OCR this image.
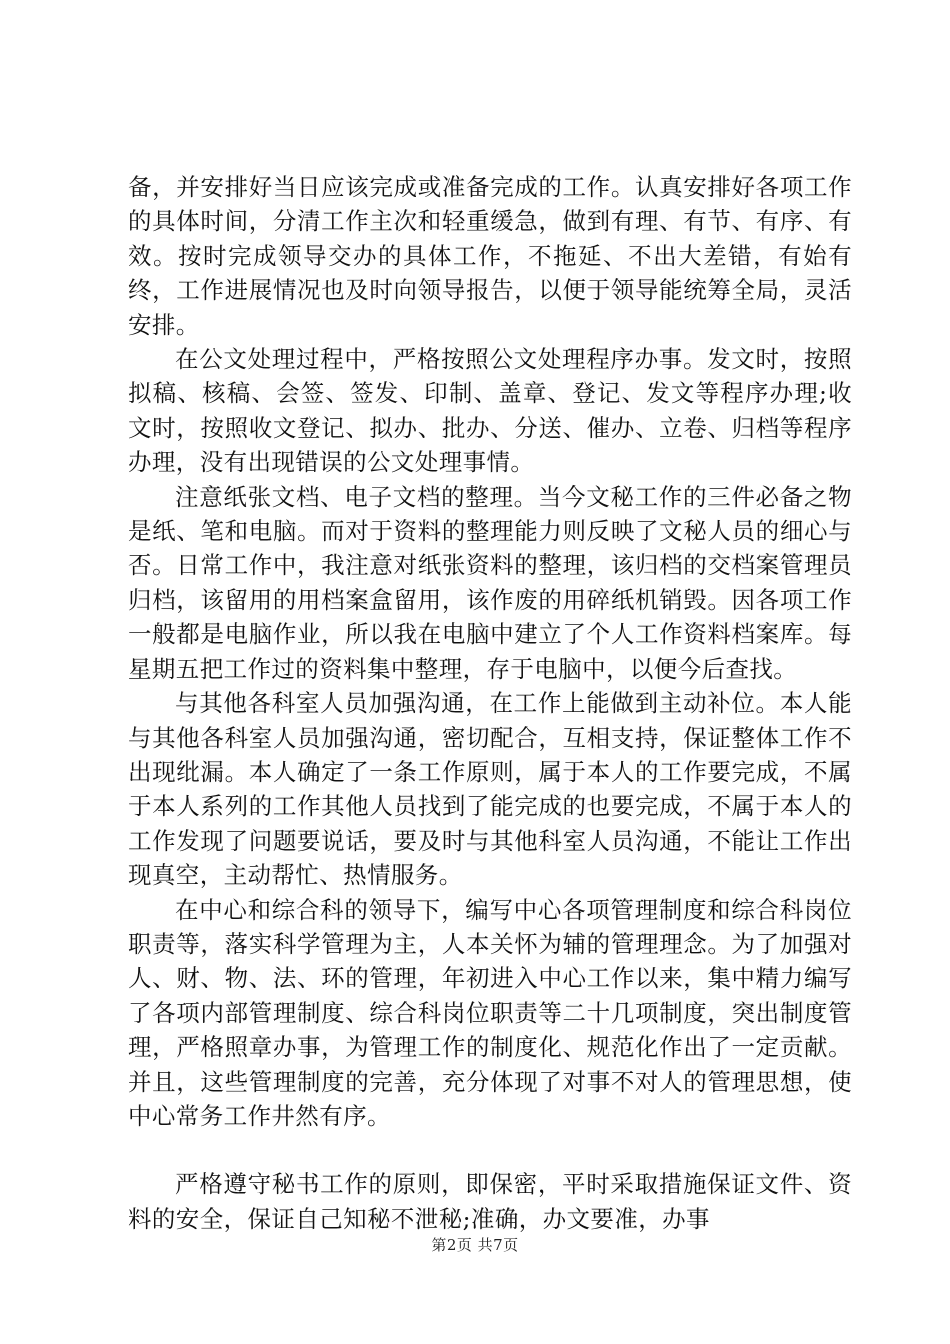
备，并安排好当日应该完成或准备完成的工作。认真安排好各项工作的具体时间，分清工作主次和轻重缓急，做到有理、有节、有序、有效。按时完成领导交办的具体工作，不拖延、不出大差错，有始有终，工作进展情况也及时向领导报告，以便于领导能统筹全局，灵活安排。

在公文处理过程中，严格按照公文处理程序办事。发文时，按照拟稿、核稿、会签、签发、印制、盖章、登记、发文等程序办理;收文时，按照收文登记、拟办、批办、分送、催办、立卷、归档等程序办理，没有出现错误的公文处理事情。

注意纸张文档、电子文档的整理。当今文秘工作的三件必备之物是纸、笔和电脑。而对于资料的整理能力则反映了文秘人员的细心与否。日常工作中，我注意对纸张资料的整理，该归档的交档案管理员归档，该留用的用档案盒留用，该作废的用碎纸机销毁。因各项工作一般都是电脑作业，所以我在电脑中建立了个人工作资料档案库。每星期五把工作过的资料集中整理，存于电脑中，以便今后查找。

与其他各科室人员加强沟通，在工作上能做到主动补位。本人能与其他各科室人员加强沟通，密切配合，互相支持，保证整体工作不出现纰漏。本人确定了一条工作原则，属于本人的工作要完成，不属于本人系列的工作其他人员找到了能完成的也要完成，不属于本人的工作发现了问题要说话，要及时与其他科室人员沟通，不能让工作出现真空，主动帮忙、热情服务。

在中心和综合科的领导下，编写中心各项管理制度和综合科岗位职责等，落实科学管理为主，人本关怀为辅的管理理念。为了加强对人、财、物、法、环的管理，年初进入中心工作以来，集中精力编写了各项内部管理制度、综合科岗位职责等二十几项制度，突出制度管理，严格照章办事，为管理工作的制度化、规范化作出了一定贡献。并且，这些管理制度的完善，充分体现了对事不对人的管理思想，使中心常务工作井然有序。

严格遵守秘书工作的原则，即保密，平时采取措施保证文件、资料的安全，保证自己知秘不泄秘;准确，办文要准，办事

第2页 共7页
